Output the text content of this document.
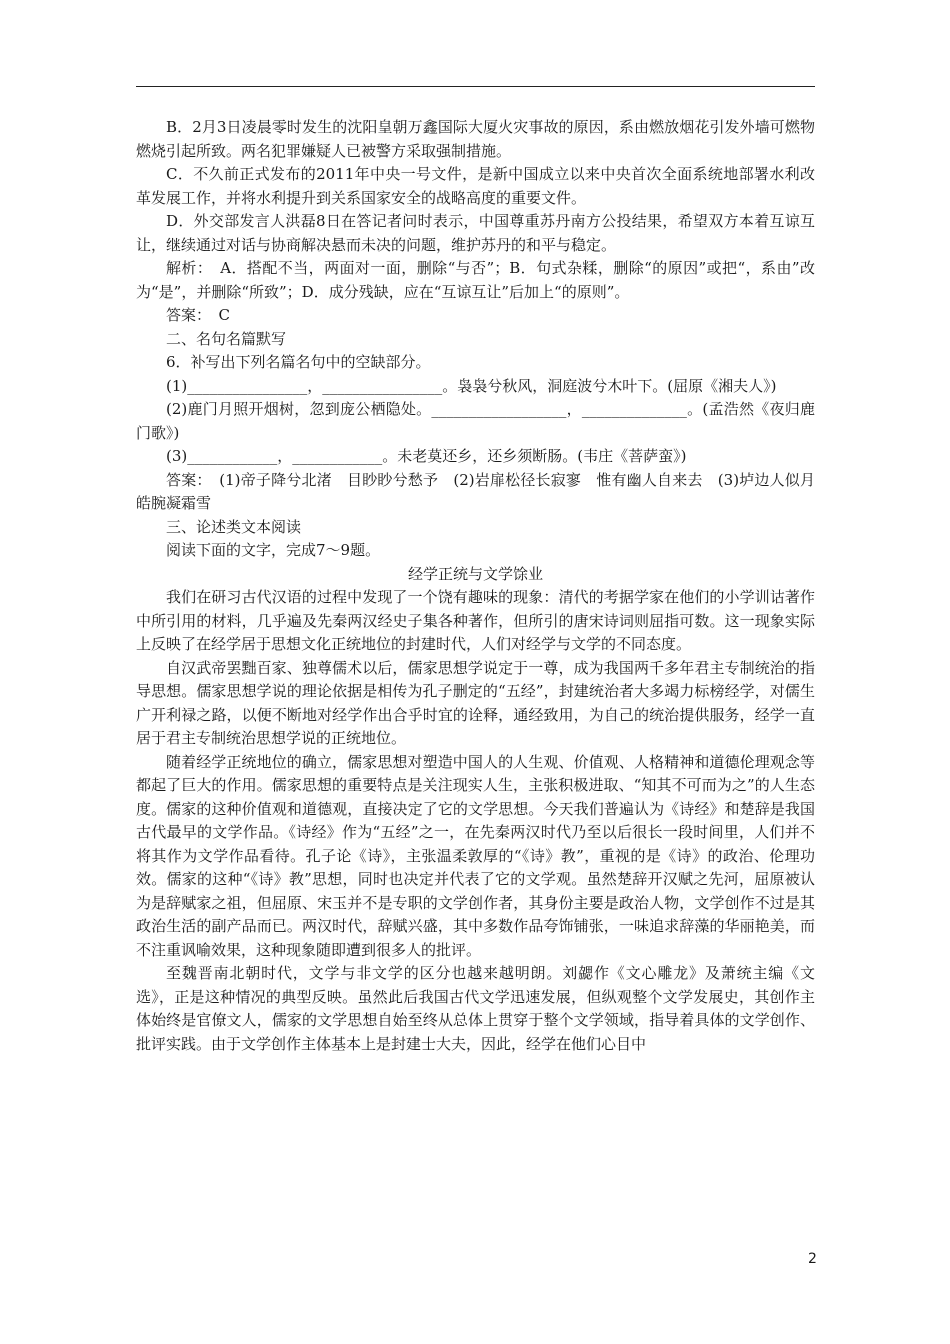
B．2月3日凌晨零时发生的沈阳皇朝万鑫国际大厦火灾事故的原因，系由燃放烟花引发外墙可燃物燃烧引起所致。两名犯罪嫌疑人已被警方采取强制措施。

C．不久前正式发布的2011年中央一号文件，是新中国成立以来中央首次全面系统地部署水利改革发展工作，并将水利提升到关系国家安全的战略高度的重要文件。

D．外交部发言人洪磊8日在答记者问时表示，中国尊重苏丹南方公投结果，希望双方本着互谅互让，继续通过对话与协商解决悬而未决的问题，维护苏丹的和平与稳定。

解析：　A．搭配不当，两面对一面，删除“与否”；B．句式杂糅，删除“的原因”或把“，系由”改为“是”，并删除“所致”；D．成分残缺，应在“互谅互让”后加上“的原则”。

答案：　C

二、名句名篇默写

6．补写出下列名篇名句中的空缺部分。

(1)________________，________________。袅袅兮秋风，洞庭波兮木叶下。(屈原《湘夫人》)

(2)鹿门月照开烟树，忽到庞公栖隐处。__________________，______________。(孟浩然《夜归鹿门歌》)

(3)____________，____________。未老莫还乡，还乡须断肠。(韦庄《菩萨蛮》)

答案：　(1)帝子降兮北渚　目眇眇兮愁予　(2)岩扉松径长寂寥　惟有幽人自来去　(3)垆边人似月　皓腕凝霜雪

三、论述类文本阅读

阅读下面的文字，完成7～9题。

经学正统与文学馀业

我们在研习古代汉语的过程中发现了一个饶有趣味的现象：清代的考据学家在他们的小学训诂著作中所引用的材料，几乎遍及先秦两汉经史子集各种著作，但所引的唐宋诗词则屈指可数。这一现象实际上反映了在经学居于思想文化正统地位的封建时代，人们对经学与文学的不同态度。

自汉武帝罢黜百家、独尊儒术以后，儒家思想学说定于一尊，成为我国两千多年君主专制统治的指导思想。儒家思想学说的理论依据是相传为孔子删定的“五经”，封建统治者大多竭力标榜经学，对儒生广开利禄之路，以便不断地对经学作出合乎时宜的诠释，通经致用，为自己的统治提供服务，经学一直居于君主专制统治思想学说的正统地位。

随着经学正统地位的确立，儒家思想对塑造中国人的人生观、价值观、人格精神和道德伦理观念等都起了巨大的作用。儒家思想的重要特点是关注现实人生，主张积极进取、“知其不可而为之”的人生态度。儒家的这种价值观和道德观，直接决定了它的文学思想。今天我们普遍认为《诗经》和楚辞是我国古代最早的文学作品。《诗经》作为“五经”之一，在先秦两汉时代乃至以后很长一段时间里，人们并不将其作为文学作品看待。孔子论《诗》，主张温柔敦厚的“《诗》教”，重视的是《诗》的政治、伦理功效。儒家的这种“《诗》教”思想，同时也决定并代表了它的文学观。虽然楚辞开汉赋之先河，屈原被认为是辞赋家之祖，但屈原、宋玉并不是专职的文学创作者，其身份主要是政治人物，文学创作不过是其政治生活的副产品而已。两汉时代，辞赋兴盛，其中多数作品夸饰铺张，一味追求辞藻的华丽艳美，而不注重讽喻效果，这种现象随即遭到很多人的批评。

至魏晋南北朝时代，文学与非文学的区分也越来越明朗。刘勰作《文心雕龙》及萧统主编《文选》，正是这种情况的典型反映。虽然此后我国古代文学迅速发展，但纵观整个文学发展史，其创作主体始终是官僚文人，儒家的文学思想自始至终从总体上贯穿于整个文学领域，指导着具体的文学创作、批评实践。由于文学创作主体基本上是封建士大夫，因此，经学在他们心目中

2
